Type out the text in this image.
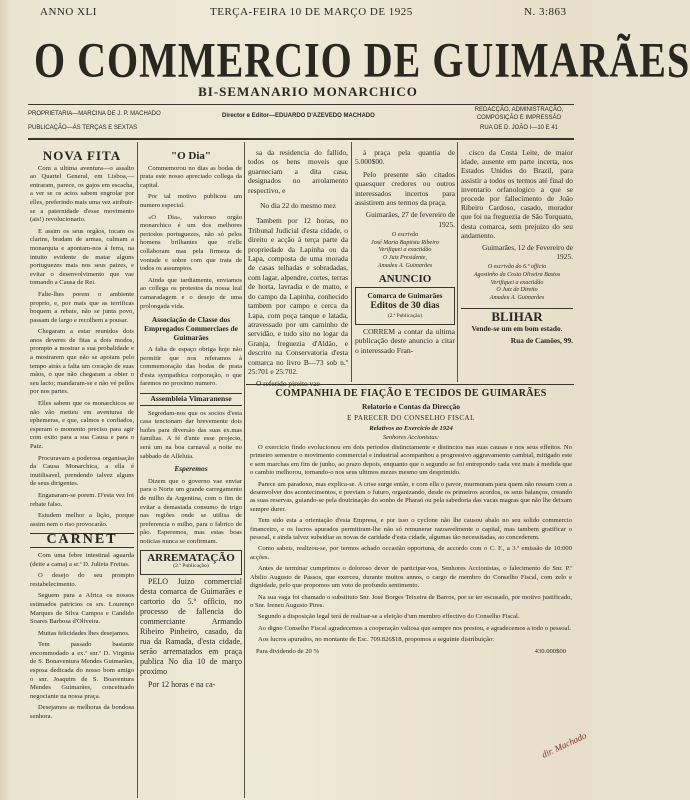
ANNO XLI	TERÇA-FEIRA 10 DE MARÇO DE 1925	N. 3:863
O COMMERCIO DE GUIMARÃES
BI-SEMANARIO MONARCHICO
PROPRIETARIA—MARCINA DE J. P. MACHADO
PUBLICAÇÃO—ÁS TERÇAS E SEXTAS
Director e Editor—EDUARDO D'AZEVEDO MACHADO
REDACÇÃO, ADMINISTRAÇÃO, COMPOSIÇÃO E IMPRESSÃO
RUA DE D. JOÃO I—10 E 41
NOVA FITA

Com a ultima aventura—o assalto ao Quartel General, em Lisboa,—entraram, parece, os gajos em escacha, a ver se os actos sabem engrolar por elles, preferindo mais uma vez atribuir-se a paternidade d'esse movimento (ais!) revolucionario.

E assim os seus orgãos, tocam os clarins, bradam de armas, culmam a monarquia e apontam-nos á ferra, na intuito evidente de matar alguns portuguezes mais nos seus paizes, e evitar o desenvolvimento que vae tomando a Causa de Rei.

Falte-lhes porem o ambiente proprio, e, por mais que as terrificas boquem a rebate, não se junta povo, passam de largo e recolhem a pousar.

Chegaram a estar reunidos dois anos deveres de fitas a dois modos, prompto a mostrar a sua probalidade e a mostrarem que não se apoiam pelo tempo atrás a falta um coração de suas mãos, o que não chegaram a obter o seu lacto; mandaram-se e não vé pellos por nos partes.

Elles sabem que os monarchicos se não vão metteu em aventuras de ephemeras, e que, calmos e confiados, esperam o momento preciso para agir com exito para a sua Causa e para o Paiz.

Procuravam a poderosa organisação da Causa Monarchica, a ella é inutilisavel, prendendo talvez alguns de seus dirigentes.

Enganaram-se porem. D'esta vez foi rebate falso.

Estudem melhor a lição, porque assim nem o riso provocarão.

CARNET

Com uma febre intestinal aguarda (deite a cama) a sr.ª D. Julieta Freitas.

O desejo do seu prompto restabelecimento.

Seguem para a Africa os nossos estimados patricios os srs. Lourenço Marques de Silva Campos e Candido Soares Barbosa d'Oliveira.

Muitas felicidades lhes desejamos.

Tem passado bastante encommodado a ex.ª snr.ª D. Virginia de S. Bonaventura Mendes Guimarães, esposa dedicada do nosso bom amigo o snr. Joaquim de S. Boaventura Mendes Guimarães, conceituado negociante na nossa praça.

Desejamos as melhoras da bondosa senhora.

"O Dia"

Commemorou no dias as bodas de prata este nosso apreciado collega da capital.

Por tal motivo publicou um numero especial.

«O Dia», valoroso orgão monarchico é um dos melhores periodos portuguezes, não só pelos homens brilhantes que n'elle collaboram mas pela firmeza de vontade e sobre com que trata de todos os assumptos.

Ainda que tardiamente, enviamos ao collega os protestos da nossa leal camaradagem e o desejo de uma prolongada vida.

Associação de Classe dos Empregados Commerciaes de Guimarães

A falta de espaço obriga hoje não permitir que nos referamos á commemoração das bodas de prata d'esta sympathica corporação, o que faremos no proximo numero.

Assembleia Vimaranense

Segredam-nos que os socios d'esta casa tencionam dar brevemente dois bailes para diversão das suas ex.mas familias. A fé d'ante esse projecto, será um na boa carnaval a noite no sabbado de Alleluia.

Esperemos

Dizem que o governo vae enviar para o Norte um grande carregamento de milho da Argentina, com o fim de evitar a demasiada consumo de trigo nas regiões onde se utilisa de preferencia o milho, para o fabrico de pão. Esperemos, mas estas boas noticias nunca se confirmam.

ARREMATAÇÃO
(2.ª Publicação)

PELO Juizo commercial desta comarca de Guimarães e cartorio do 5.º officio, no processo de fallencia do commerciante Armando Ribeiro Pinheiro, casado, da rua da Ramada, d'esta cidade, serão arrematados em praça publica No dia 10 de março proximo

Por 12 horas e na ca-

sa da residencia do fallido, todos os bens moveis que guarneciam a dita casa, designados no arrolamento respectivo, e

No dia 22 do mesmo mez

Tambem por 12 horas, no Tribunal Judicial d'esta cidade, o direito e acção á terça parte da propriedade da Lapinha ou da Lapa, composta de uma morada de casas telhadas e sobradadas, com lagar, alpendre, cortes, terras de horta, lavradia e de matto, e do campo da Lapinha, conhecido tambem por campo e cerca da Lapa, com poça tanque e latada, atravessado por um caminho de servidão, e tudo sito no logar da Granja, freguezia d'Aldão, e descrito na Conservatoria d'esta comarca no livro B—73 sob n.º 25:701 e 25:702.

á praça pela quantia de 5.000$00.

Pelo presente são citados quaesquer credores ou outros interessados incertos para assistirem aos termos da praça.

Guimarães, 27 de fevereiro de 1925.

O escrivão
José Maria Baptista Ribeiro
Verifiquei a exactidão
O Juiz Presidente,
Amadeu A. Guimarães
ANUNCIO
Comarca de Guimarães
Editos de 30 dias
(2.ª Publicação)

CORREM a contar da ultima publicação deste anuncio a citar o interessado Fran-

cisco da Costa Leite, de maior idade, ausente em parte incerta, nos Estados Unidos do Brazil, para assistir a todos os termos até final do inventario orfanologico a que se procede por fallecimento de João Ribeiro Cardoso, casado, morador que foi na freguezia de São Torquato, desta comarca, sem prejuizo do seu andamento.

Guimarães, 12 de Fevereiro de 1925.

O escrivão do 6.º officio
Agostinho da Costa Oliveira Bastos
Verifiquei a exactidão
O Juiz de Direito
Amadeu A. Guimarães
BLIHAR

Vende-se um em bom estado.

Rua de Camões, 99.

COMPANHIA DE FIAÇÃO E TECIDOS DE GUIMARÃES
Relatorio e Contas da Direcção
E PARECER DO CONSELHO FISCAL
Relativos ao Exercicio de 1924
Senhores Accionistas:

O exercicio findo evolucionou em dois periodos distinctamente e distinctos nas suas causas e nos seus effeitos. No primeiro semestre o movimento commercial e industrial acompanhou a progressivo aggravamento cambial, mitigado este e sem marchas em fim de junho, ao prazo depois, enquanto que o segundo se foi entrepondo cada vez mais á medida que o cambio melhorou, tornando-o nos seus ultimos mezes mesmo um desprimido.

Parece um paradoxo, mas explica-se. A crise surge então, e com ella o pavor, murmuram para quem não ressam com a desenvolver dos acontecimentos, e previam o futuro, organizando, desde os primeiros acordos, os seus balanços, creando as suas reservas, guiando-se pela doutrinação do sonho de Pharaó ou pela sabedoria das vacas magras que não lhe deixam sempre durer.

Tem sido esta a orientação d'esta Empresa, e por isso o cyclone não lhe causou abalo no seu solido commercio financeiro, e os lucros apurados permitiram-lhe não só remunerar razoavelmente o capital, mas tambem gratificar o pessoal, e ainda talvez subsidiar as novas de caridade d'esta cidade, algumas tão necessitadas, ao concederem.

Como sabeis, realizou-se, por termos achado occasião opportuna, de accordo com o C. F., a 3.ª emissão de 10:000 acções.

Antes de terminar cumprimos o doloroso dever de participar-vos, Senhores Accionistas, o falecimento do Snr. P.ª Abilio Augusto de Passos, que exerceu, durante muitos annos, o cargo de membro do Conselho Fiscal, com zelo e dignidade, pelo que propomos um voto de profundo sentimento.

Na sua vaga foi chamado o substituto Snr. José Borges Teixeira de Barros, por se ter escusado, por motivo justificado, o Snr. Ireneu Augusto Pires.

Segundo a disposição legal terá de realisar-se a eleição d'um membro effectivo do Conselho Fiscal.

Ao digno Conselho Fiscal agradecemos a cooperação valiosa que sempre nos prestou, e agradecemos a todo o pessoal.

Aos lucros apurados, no montante de Esc. 709.826$18, propomos a seguinte distribuição:

Para dividendo de 20 %	430.000$00
dir. Machado
